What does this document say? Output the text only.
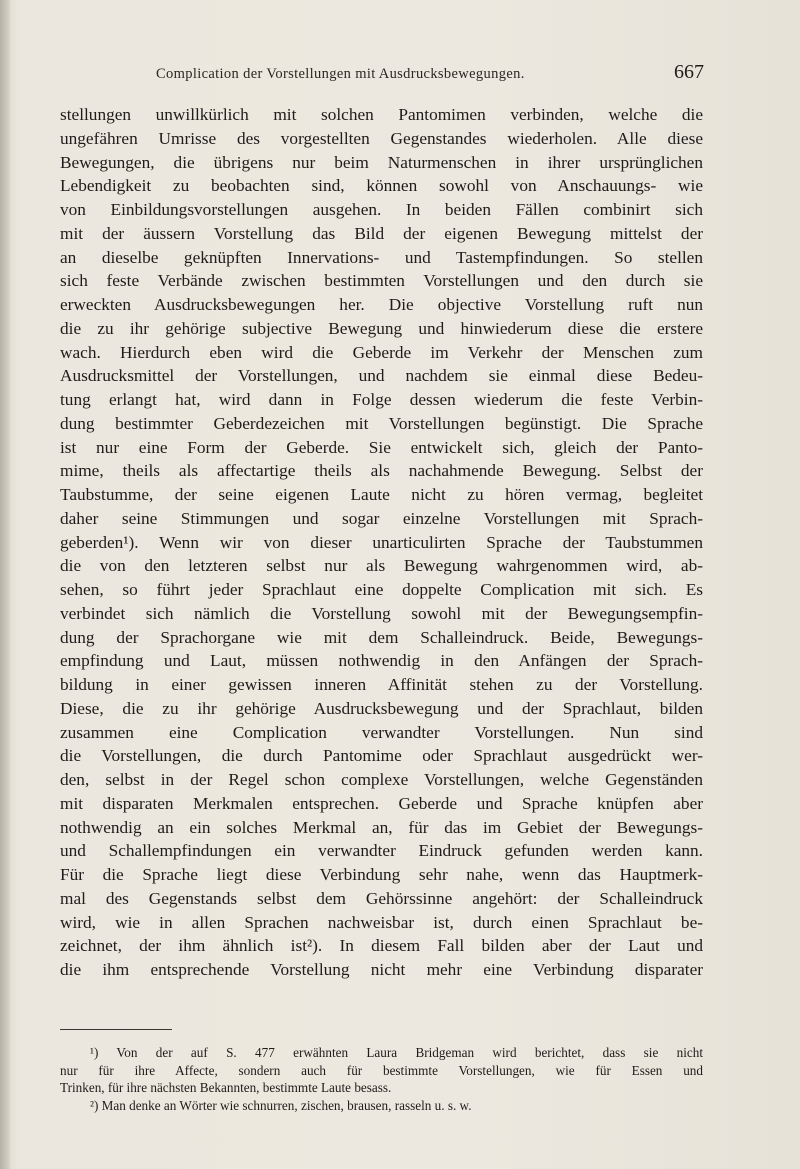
Complication der Vorstellungen mit Ausdrucksbewegungen.	667
stellungen unwillkürlich mit solchen Pantomimen verbinden, welche die
ungefähren Umrisse des vorgestellten Gegenstandes wiederholen. Alle diese
Bewegungen, die übrigens nur beim Naturmenschen in ihrer ursprünglichen
Lebendigkeit zu beobachten sind, können sowohl von Anschauungs- wie
von Einbildungsvorstellungen ausgehen. In beiden Fällen combinirt sich
mit der äussern Vorstellung das Bild der eigenen Bewegung mittelst der
an dieselbe geknüpften Innervations- und Tastempfindungen. So stellen
sich feste Verbände zwischen bestimmten Vorstellungen und den durch sie
erweckten Ausdrucksbewegungen her. Die objective Vorstellung ruft nun
die zu ihr gehörige subjective Bewegung und hinwiederum diese die erstere
wach. Hierdurch eben wird die Geberde im Verkehr der Menschen zum
Ausdrucksmittel der Vorstellungen, und nachdem sie einmal diese Bedeu-
tung erlangt hat, wird dann in Folge dessen wiederum die feste Verbin-
dung bestimmter Geberdezeichen mit Vorstellungen begünstigt. Die Sprache
ist nur eine Form der Geberde. Sie entwickelt sich, gleich der Panto-
mime, theils als affectartige theils als nachahmende Bewegung. Selbst der
Taubstumme, der seine eigenen Laute nicht zu hören vermag, begleitet
daher seine Stimmungen und sogar einzelne Vorstellungen mit Sprach-
geberden¹). Wenn wir von dieser unarticulirten Sprache der Taubstummen
die von den letzteren selbst nur als Bewegung wahrgenommen wird, ab-
sehen, so führt jeder Sprachlaut eine doppelte Complication mit sich. Es
verbindet sich nämlich die Vorstellung sowohl mit der Bewegungsempfin-
dung der Sprachorgane wie mit dem Schalleindruck. Beide, Bewegungs-
empfindung und Laut, müssen nothwendig in den Anfängen der Sprach-
bildung in einer gewissen inneren Affinität stehen zu der Vorstellung.
Diese, die zu ihr gehörige Ausdrucksbewegung und der Sprachlaut, bilden
zusammen eine Complication verwandter Vorstellungen. Nun sind
die Vorstellungen, die durch Pantomime oder Sprachlaut ausgedrückt wer-
den, selbst in der Regel schon complexe Vorstellungen, welche Gegenständen
mit disparaten Merkmalen entsprechen. Geberde und Sprache knüpfen aber
nothwendig an ein solches Merkmal an, für das im Gebiet der Bewegungs-
und Schallempfindungen ein verwandter Eindruck gefunden werden kann.
Für die Sprache liegt diese Verbindung sehr nahe, wenn das Hauptmerk-
mal des Gegenstands selbst dem Gehörssinne angehört: der Schalleindruck
wird, wie in allen Sprachen nachweisbar ist, durch einen Sprachlaut be-
zeichnet, der ihm ähnlich ist²). In diesem Fall bilden aber der Laut und
die ihm entsprechende Vorstellung nicht mehr eine Verbindung disparater
¹) Von der auf S. 477 erwähnten Laura Bridgeman wird berichtet, dass sie nicht
nur für ihre Affecte, sondern auch für bestimmte Vorstellungen, wie für Essen und
Trinken, für ihre nächsten Bekannten, bestimmte Laute besass.
²) Man denke an Wörter wie schnurren, zischen, brausen, rasseln u. s. w.
